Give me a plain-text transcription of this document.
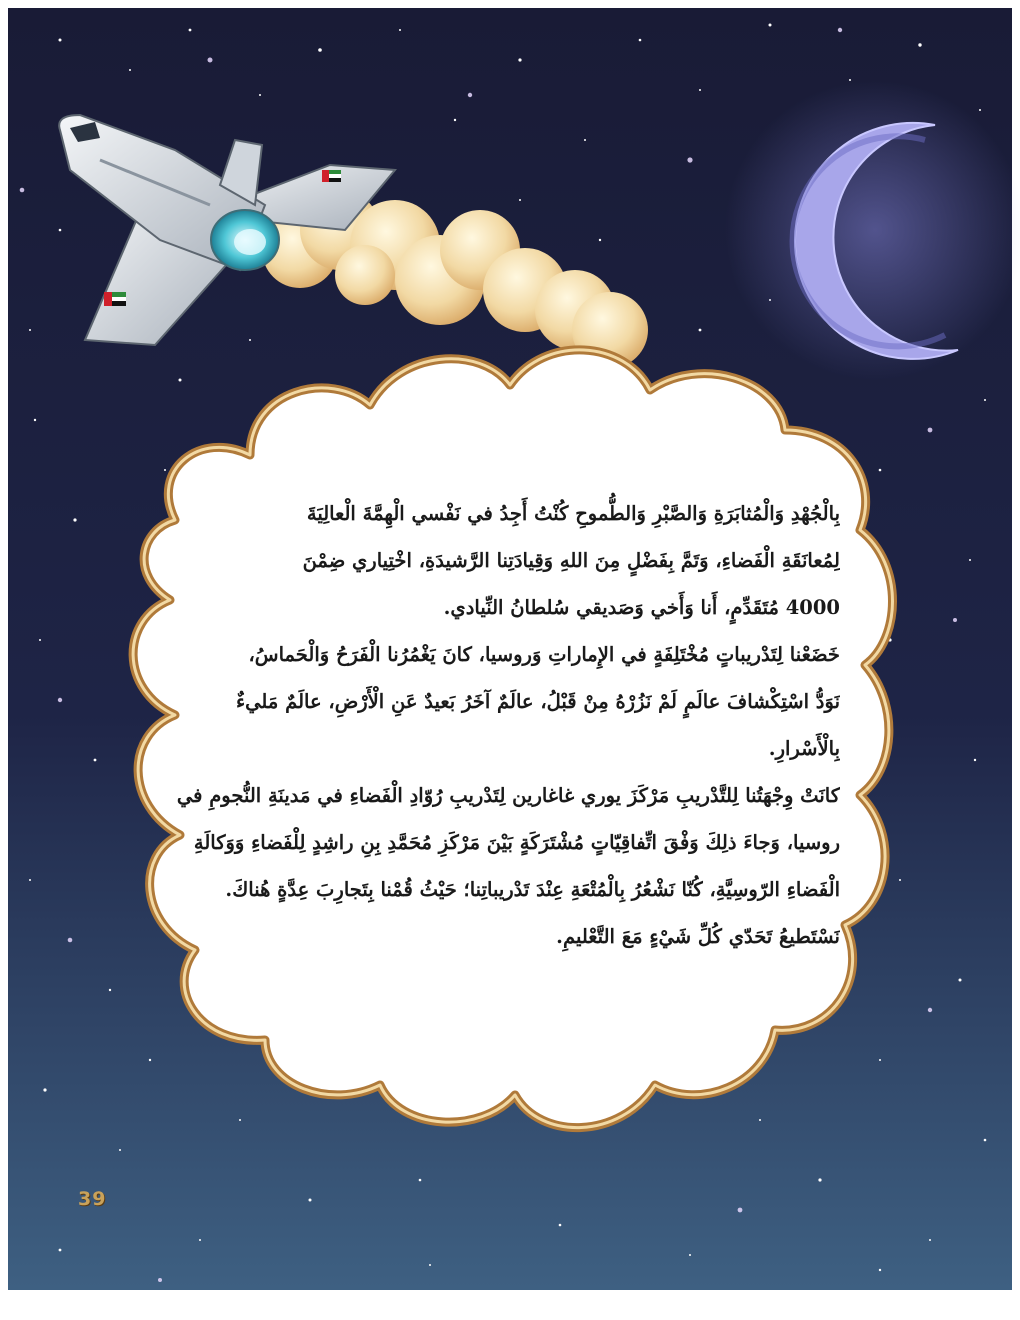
بِالْجُهْدِ وَالْمُثابَرَةِ وَالصَّبْرِ وَالطُّموحِ كُنْتُ أَجِدُ في نَفْسي الْهِمَّةَ الْعالِيَةَ
لِمُعانَقَةِ الْفَضاءِ، وَتَمَّ بِفَضْلٍ مِنَ اللهِ وَقِيادَتِنا الرَّشيدَةِ، اخْتِياري ضِمْنَ
4000 مُتَقَدِّمٍ، أَنا وَأَخي وَصَديقي سُلطانُ النِّيادي.
خَضَعْنا لِتَدْريباتٍ مُخْتَلِفَةٍ في الإِماراتِ وَروسيا، كانَ يَغْمُرُنا الْفَرَحُ وَالْحَماسُ،
نَوَدُّ اسْتِكْشافَ عالَمٍ لَمْ نَزُرْهُ مِنْ قَبْلُ، عالَمٌ آخَرُ بَعيدٌ عَنِ الْأَرْضِ، عالَمٌ مَليءٌ
بِالْأَسْرارِ.
كانَتْ وِجْهَتُنا لِلتَّدْريبِ مَرْكَزَ يوري غاغارين لِتَدْريبِ رُوّادِ الْفَضاءِ في مَدينَةِ النُّجومِ في
روسيا، وَجاءَ ذلِكَ وَفْقَ اتِّفاقِيّاتٍ مُشْتَرَكَةٍ بَيْنَ مَرْكَزِ مُحَمَّدِ بِنِ راشِدٍ لِلْفَضاءِ وَوَكالَةِ
الْفَضاءِ الرّوسِيَّةِ، كُنّا نَشْعُرُ بِالْمُتْعَةِ عِنْدَ تَدْريباتِنا؛ حَيْثُ قُمْنا بِتَجارِبَ عِدَّةٍ هُناكَ.
نَسْتَطيعُ تَحَدّي كُلِّ شَيْءٍ مَعَ التَّعْليمِ.
39
